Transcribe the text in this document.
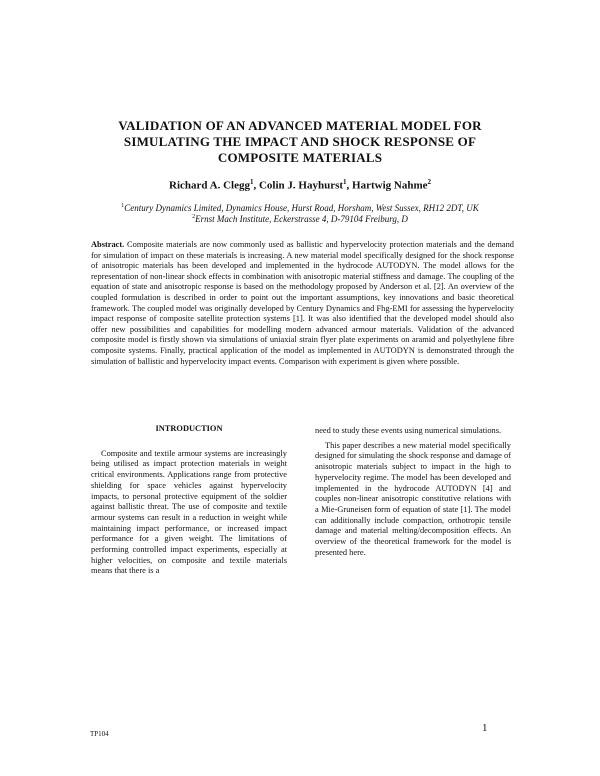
VALIDATION OF AN ADVANCED MATERIAL MODEL FOR
SIMULATING THE IMPACT AND SHOCK RESPONSE OF
COMPOSITE MATERIALS
Richard A. Clegg$^1$, Colin J. Hayhurst$^1$, Hartwig Nahme$^2$
$^1$Century Dynamics Limited, Dynamics House, Hurst Road, Horsham, West Sussex, RH12 2DT, UK
$^2$Ernst Mach Institute, Eckerstrasse 4, D-79104 Freiburg, D
Abstract. Composite materials are now commonly used as ballistic and hypervelocity protection materials and the demand for simulation of impact on these materials is increasing. A new material model specifically designed for the shock response of anisotropic materials has been developed and implemented in the hydrocode AUTODYN. The model allows for the representation of non-linear shock effects in combination with anisotropic material stiffness and damage. The coupling of the equation of state and anisotropic response is based on the methodology proposed by Anderson et al. [2]. An overview of the coupled formulation is described in order to point out the important assumptions, key innovations and basic theoretical framework. The coupled model was originally developed by Century Dynamics and Fhg-EMI for assessing the hypervelocity impact response of composite satellite protection systems [1]. It was also identified that the developed model should also offer new possibilities and capabilities for modelling modern advanced armour materials. Validation of the advanced composite model is firstly shown via simulations of uniaxial strain flyer plate experiments on aramid and polyethylene fibre composite systems. Finally, practical application of the model as implemented in AUTODYN is demonstrated through the simulation of ballistic and hypervelocity impact events. Comparison with experiment is given where possible.
INTRODUCTION

Composite and textile armour systems are increasingly being utilised as impact protection materials in weight critical environments. Applications range from protective shielding for space vehicles against hypervelocity impacts, to personal protective equipment of the soldier against ballistic threat. The use of composite and textile armour systems can result in a reduction in weight while maintaining impact performance, or increased impact performance for a given weight. The limitations of performing controlled impact experiments, especially at higher velocities, on composite and textile materials means that there is a

need to study these events using numerical simulations.

This paper describes a new material model specifically designed for simulating the shock response and damage of anisotropic materials subject to impact in the high to hypervelocity regime. The model has been developed and implemented in the hydrocode AUTODYN [4] and couples non-linear anisotropic constitutive relations with a Mie-Gruneisen form of equation of state [1]. The model can additionally include compaction, orthotropic tensile damage and material melting/decomposition effects. An overview of the theoretical framework for the model is presented here.

TP104	1
